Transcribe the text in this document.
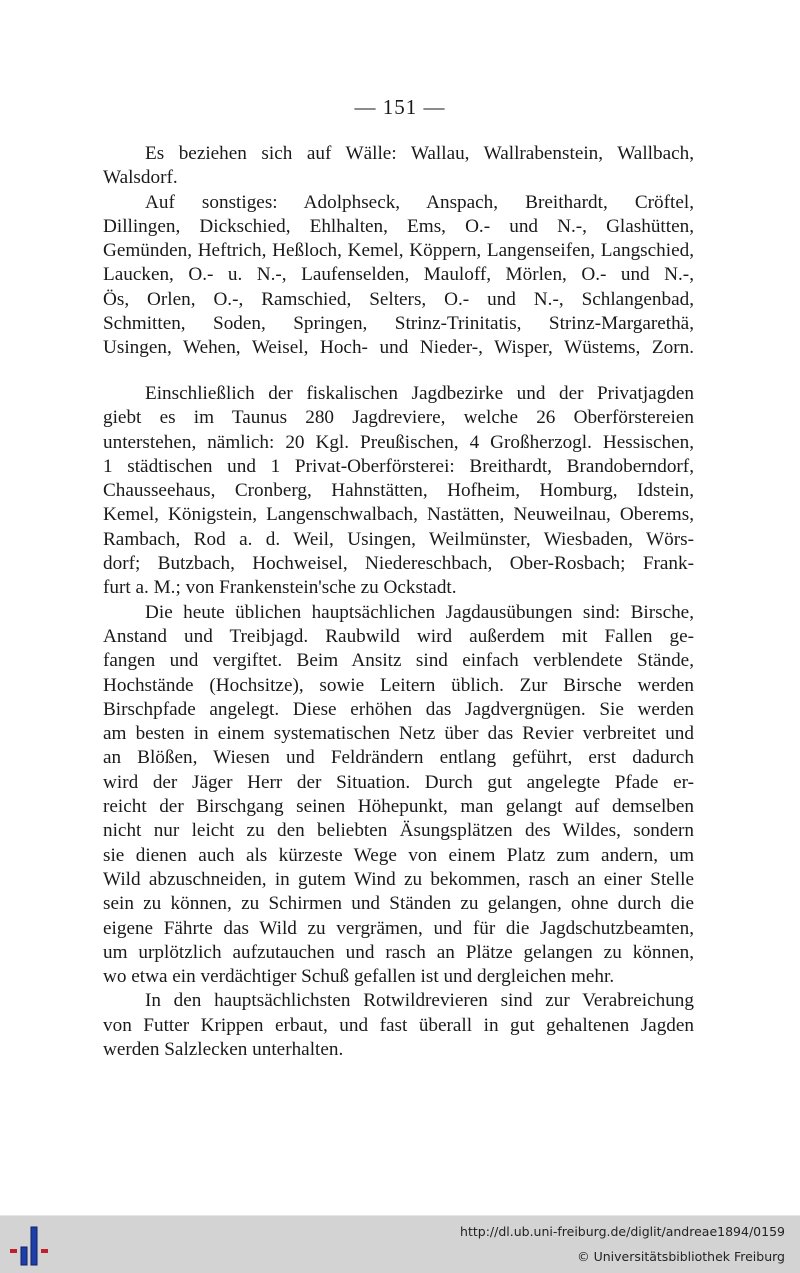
— 151 —
Es beziehen sich auf Wälle: Wallau, Wallrabenstein, Wallbach,
Walsdorf.
Auf sonstiges: Adolphseck, Anspach, Breithardt, Cröftel,
Dillingen, Dickschied, Ehlhalten, Ems, O.- und N.-, Glashütten,
Gemünden, Heftrich, Heßloch, Kemel, Köppern, Langenseifen, Langschied,
Laucken, O.- u. N.-, Laufenselden, Mauloff, Mörlen, O.- und N.-,
Ös, Orlen, O.-, Ramschied, Selters, O.- und N.-, Schlangenbad,
Schmitten, Soden, Springen, Strinz-Trinitatis, Strinz-Margarethä,
Usingen, Wehen, Weisel, Hoch- und Nieder-, Wisper, Wüstems, Zorn.
Einschließlich der fiskalischen Jagdbezirke und der Privatjagden
giebt es im Taunus 280 Jagdreviere, welche 26 Oberförstereien
unterstehen, nämlich: 20 Kgl. Preußischen, 4 Großherzogl. Hessischen,
1 städtischen und 1 Privat-Oberförsterei: Breithardt, Brandoberndorf,
Chausseehaus, Cronberg, Hahnstätten, Hofheim, Homburg, Idstein,
Kemel, Königstein, Langenschwalbach, Nastätten, Neuweilnau, Oberems,
Rambach, Rod a. d. Weil, Usingen, Weilmünster, Wiesbaden, Wörs-
dorf; Butzbach, Hochweisel, Niedereschbach, Ober-Rosbach; Frank-
furt a. M.; von Frankenstein'sche zu Ockstadt.
Die heute üblichen hauptsächlichen Jagdausübungen sind: Birsche,
Anstand und Treibjagd. Raubwild wird außerdem mit Fallen ge-
fangen und vergiftet. Beim Ansitz sind einfach verblendete Stände,
Hochstände (Hochsitze), sowie Leitern üblich. Zur Birsche werden
Birschpfade angelegt. Diese erhöhen das Jagdvergnügen. Sie werden
am besten in einem systematischen Netz über das Revier verbreitet und
an Blößen, Wiesen und Feldrändern entlang geführt, erst dadurch
wird der Jäger Herr der Situation. Durch gut angelegte Pfade er-
reicht der Birschgang seinen Höhepunkt, man gelangt auf demselben
nicht nur leicht zu den beliebten Äsungsplätzen des Wildes, sondern
sie dienen auch als kürzeste Wege von einem Platz zum andern, um
Wild abzuschneiden, in gutem Wind zu bekommen, rasch an einer Stelle
sein zu können, zu Schirmen und Ständen zu gelangen, ohne durch die
eigene Fährte das Wild zu vergrämen, und für die Jagdschutzbeamten,
um urplötzlich aufzutauchen und rasch an Plätze gelangen zu können,
wo etwa ein verdächtiger Schuß gefallen ist und dergleichen mehr.
In den hauptsächlichsten Rotwildrevieren sind zur Verabreichung
von Futter Krippen erbaut, und fast überall in gut gehaltenen Jagden
werden Salzlecken unterhalten.
http://dl.ub.uni-freiburg.de/diglit/andreae1894/0159
© Universitätsbibliothek Freiburg
